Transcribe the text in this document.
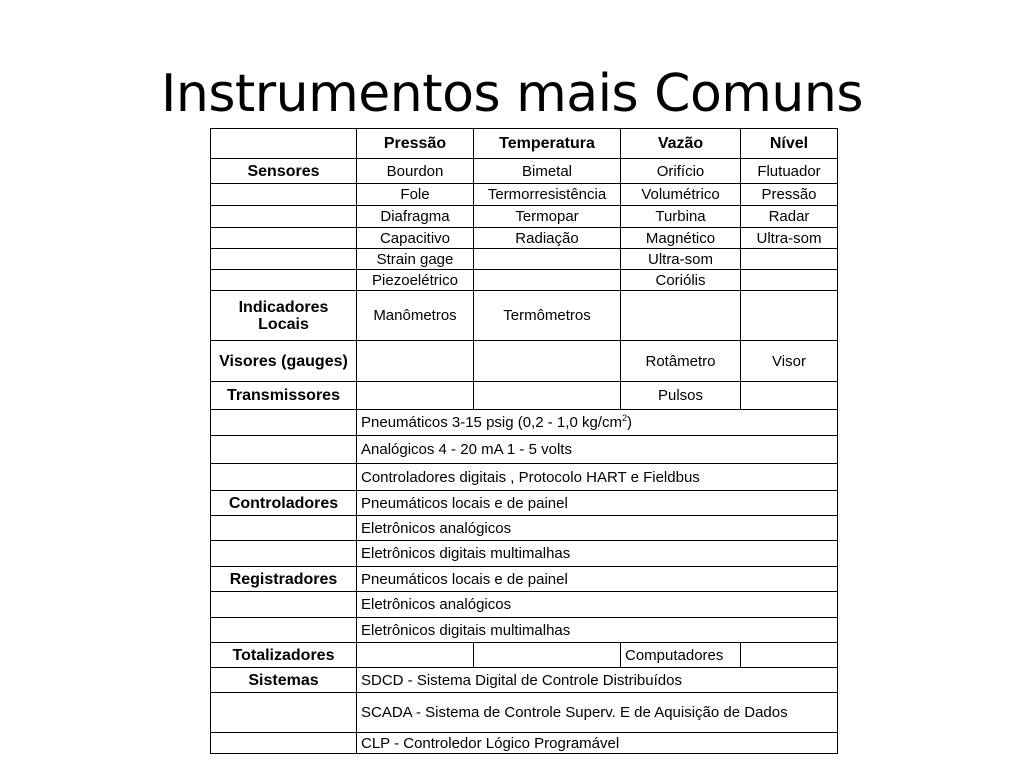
Instrumentos mais Comuns
	Pressão	Temperatura	Vazão	Nível
Sensores	Bourdon	Bimetal	Orifício	Flutuador
	Fole	Termorresistência	Volumétrico	Pressão
	Diafragma	Termopar	Turbina	Radar
	Capacitivo	Radiação	Magnético	Ultra-som
	Strain gage		Ultra-som	
	Piezoelétrico		Coriólis	
Indicadores Locais	Manômetros	Termômetros		
Visores (gauges)			Rotâmetro	Visor
Transmissores			Pulsos	
	Pneumáticos 3-15 psig (0,2 - 1,0 $kg/cm^2$)			
	Analógicos 4 - 20 mA 1 - 5 volts			
	Controladores digitais , Protocolo HART e Fieldbus			
Controladores	Pneumáticos locais e de painel			
	Eletrônicos analógicos			
	Eletrônicos digitais multimalhas			
Registradores	Pneumáticos locais e de painel			
	Eletrônicos analógicos			
	Eletrônicos digitais multimalhas			
Totalizadores			Computadores	
Sistemas	SDCD - Sistema Digital de Controle Distribuídos			
	SCADA - Sistema de Controle Superv. E de Aquisição de Dados			
	CLP - Controledor Lógico Programável			
